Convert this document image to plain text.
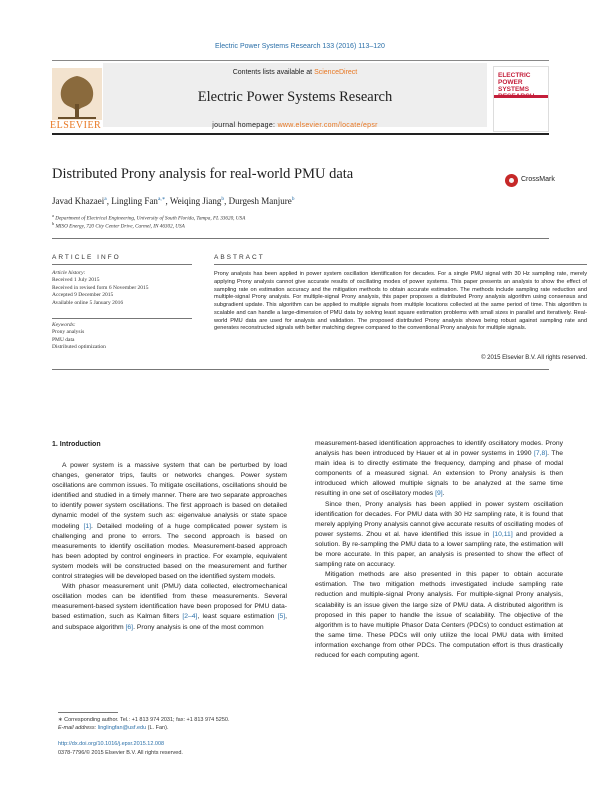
Electric Power Systems Research 133 (2016) 113–120
ELSEVIER
Contents lists available at ScienceDirect
Electric Power Systems Research
journal homepage: www.elsevier.com/locate/epsr
ELECTRIC POWER SYSTEMS
Distributed Prony analysis for real-world PMU data	CrossMark
Javad Khazaei$^a$, Lingling Fan$^{a,∗}$, Weiqing Jiang$^b$, Durgesh Manjure$^b$
$^a$ Department of Electrical Engineering, University of South Florida, Tampa, FL 33620, USA
$^b$ MISO Energy, 720 City Center Drive, Carmel, IN 46302, USA
ARTICLE INFO	ABSTRACT
Article history:
Received 1 July 2015
Received in revised form 6 November 2015
Accepted 9 December 2015
Available online 5 January 2016
Keywords:
Prony analysis
PMU data
Distributed optimization
Prony analysis has been applied in power system oscillation identification for decades. For a single PMU signal with 30 Hz sampling rate, merely applying Prony analysis cannot give accurate results of oscillating modes of power systems. This paper presents an analysis to show the effect of sampling rate on estimation accuracy and the mitigation methods to obtain accurate estimation. The methods include sampling rate reduction and multiple-signal Prony analysis. For multiple-signal Prony analysis, this paper proposes a distributed Prony analysis algorithm using consensus and subgradient update. This algorithm can be applied to multiple signals from multiple locations collected at the same period of time. This algorithm is scalable and can handle a large-dimension of PMU data by solving least square estimation problems with small sizes in parallel and iteratively. Real-world PMU data are used for analysis and validation. The proposed distributed Prony analysis shows being robust against sampling rate and generates reconstructed signals with better matching degree compared to the conventional Prony analysis for multiple signals.
© 2015 Elsevier B.V. All rights reserved.
1. Introduction

A power system is a massive system that can be perturbed by load changes, generator trips, faults or networks changes. Power system oscillations are common issues. To mitigate oscillations, oscillations should be identified and studied in a timely manner. There are two separate approaches to identify power system oscillations. The first approach is based on detailed dynamic model of the system such as: eigenvalue analysis or state space modeling [1]. Detailed modeling of a huge complicated power system is challenging and prone to errors. The second approach is based on measurements to identify oscillation modes. Measurement-based approach has been adopted by control engineers in practice. For example, equivalent system models will be constructed based on the measurement and further control strategies will be developed based on the identified system models.

With phasor measurement unit (PMU) data collected, electromechanical oscillation modes can be identified from these measurements. Several measurement-based system identification have been proposed for PMU data-based estimation, such as Kalman filters [2–4], least square estimation [5], and subspace algorithm [6]. Prony analysis is one of the most common

measurement-based identification approaches to identify oscillatory modes. Prony analysis has been introduced by Hauer et al in power systems in 1990 [7,8]. The main idea is to directly estimate the frequency, damping and phase of modal components of a measured signal. An extension to Prony analysis is then introduced which allowed multiple signals to be analyzed at the same time resulting in one set of oscillatory modes [9].

Since then, Prony analysis has been applied in power system oscillation identification for decades. For PMU data with 30 Hz sampling rate, it is found that merely applying Prony analysis cannot give accurate results of oscillating modes of power systems. Zhou et al. have identified this issue in [10,11] and provided a solution. By re-sampling the PMU data to a lower sampling rate, the estimation will be more accurate. In this paper, an analysis is presented to show the effect of sampling rate on accuracy.

Mitigation methods are also presented in this paper to obtain accurate estimation. The two mitigation methods investigated include sampling rate reduction and multiple-signal Prony analysis. For multiple-signal Prony analysis, scalability is an issue given the large size of PMU data. A distributed algorithm is proposed in this paper to handle the issue of scalability. The objective of the algorithm is to have multiple Phasor Data Centers (PDCs) to conduct estimation at the same time. These PDCs will only utilize the local PMU data with limited information exchange from other PDCs. The computation effort is thus drastically reduced for each computing agent.

∗ Corresponding author. Tel.: +1 813 974 2031; fax: +1 813 974 5250.
E-mail address: linglingfan@usf.edu (L. Fan).
http://dx.doi.org/10.1016/j.epsr.2015.12.008
0378-7796/© 2015 Elsevier B.V. All rights reserved.
